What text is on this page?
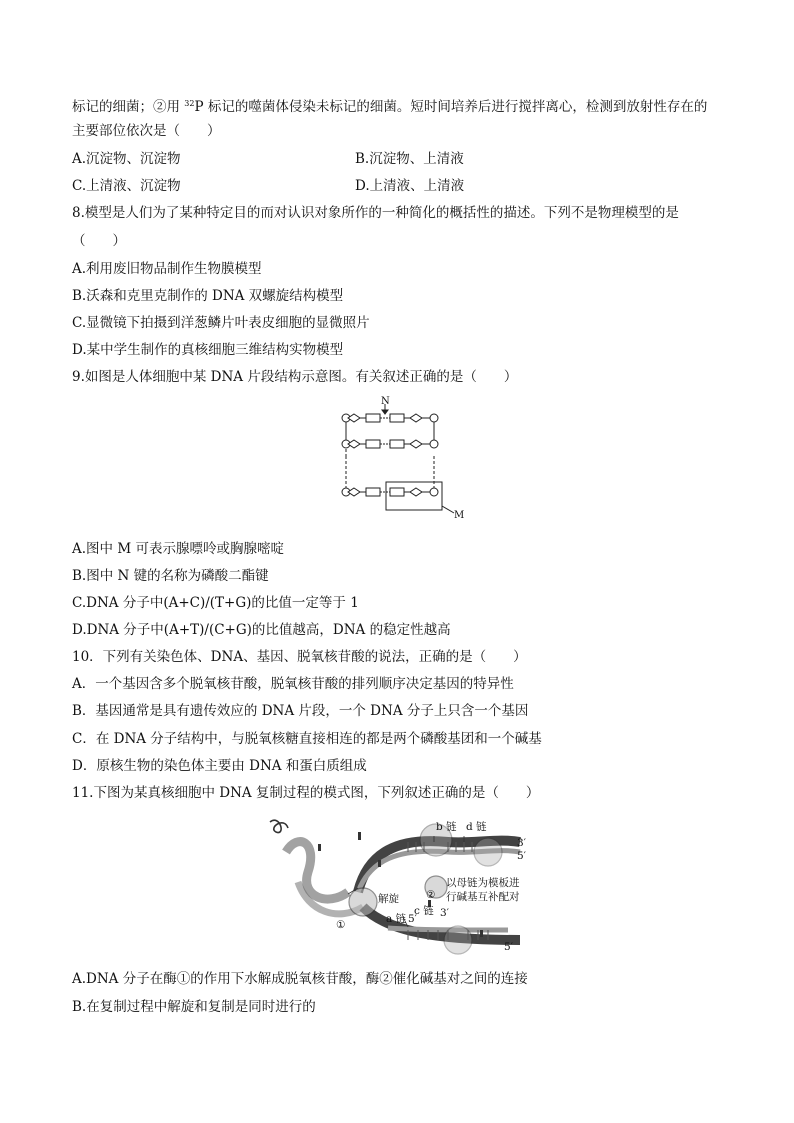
标记的细菌；②用 $^{32}$P 标记的噬菌体侵染未标记的细菌。短时间培养后进行搅拌离心，检测到放射性存在的
主要部位依次是（　　）
A.沉淀物、沉淀物	B.沉淀物、上清液
C.上清液、沉淀物	D.上清液、上清液
8.模型是人们为了某种特定目的而对认识对象所作的一种简化的概括性的描述。下列不是物理模型的是
（　　）
A.利用废旧物品制作生物膜模型
B.沃森和克里克制作的 DNA 双螺旋结构模型
C.显微镜下拍摄到洋葱鳞片叶表皮细胞的显微照片
D.某中学生制作的真核细胞三维结构实物模型
9.如图是人体细胞中某 DNA 片段结构示意图。有关叙述正确的是（　　）
N
M
A.图中 M 可表示腺嘌呤或胸腺嘧啶
B.图中 N 键的名称为磷酸二酯键
C.DNA 分子中(A+C)/(T+G)的比值一定等于 1
D.DNA 分子中(A+T)/(C+G)的比值越高，DNA 的稳定性越高
10．下列有关染色体、DNA、基因、脱氧核苷酸的说法，正确的是（　　）
A．一个基因含多个脱氧核苷酸，脱氧核苷酸的排列顺序决定基因的特异性
B．基因通常是具有遗传效应的 DNA 片段，一个 DNA 分子上只含一个基因
C．在 DNA 分子结构中，与脱氧核糖直接相连的都是两个磷酸基团和一个碱基
D．原核生物的染色体主要由 DNA 和蛋白质组成
11.下图为某真核细胞中 DNA 复制过程的模式图，下列叙述正确的是（　　）
b 链 d 链
3′
5′
以母链为模板进
行碱基互补配对
解旋	②
c 链
a 链	3′
5′
5′
①
A.DNA 分子在酶①的作用下水解成脱氧核苷酸，酶②催化碱基对之间的连接
B.在复制过程中解旋和复制是同时进行的
